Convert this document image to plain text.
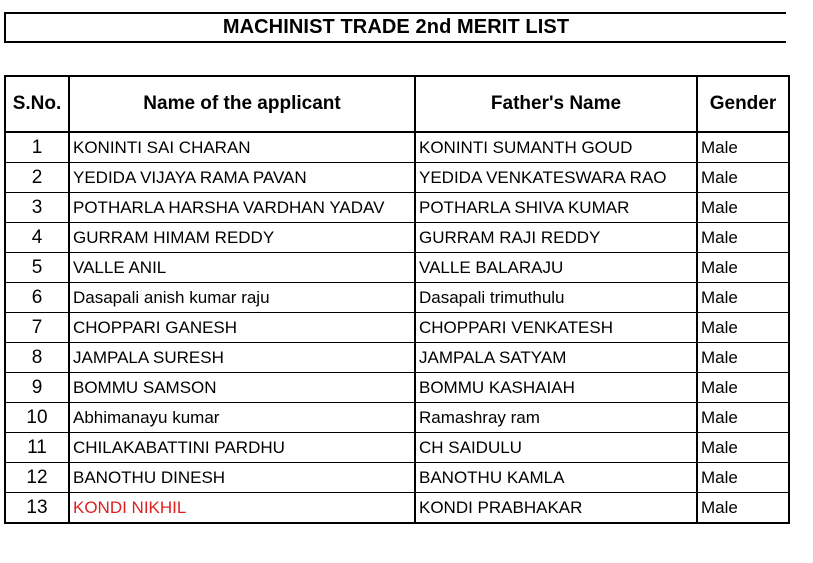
MACHINIST TRADE 2nd MERIT LIST
S.No.	Name of the applicant	Father's Name	Gender
1	KONINTI SAI CHARAN	KONINTI SUMANTH GOUD	Male
2	YEDIDA VIJAYA RAMA PAVAN	YEDIDA VENKATESWARA RAO	Male
3	POTHARLA HARSHA VARDHAN YADAV	POTHARLA SHIVA KUMAR	Male
4	GURRAM HIMAM REDDY	GURRAM RAJI REDDY	Male
5	VALLE ANIL	VALLE BALARAJU	Male
6	Dasapali anish kumar raju	Dasapali trimuthulu	Male
7	CHOPPARI GANESH	CHOPPARI VENKATESH	Male
8	JAMPALA SURESH	JAMPALA SATYAM	Male
9	BOMMU SAMSON	BOMMU KASHAIAH	Male
10	Abhimanayu kumar	Ramashray ram	Male
11	CHILAKABATTINI PARDHU	CH SAIDULU	Male
12	BANOTHU DINESH	BANOTHU KAMLA	Male
13	KONDI NIKHIL	KONDI PRABHAKAR	Male
